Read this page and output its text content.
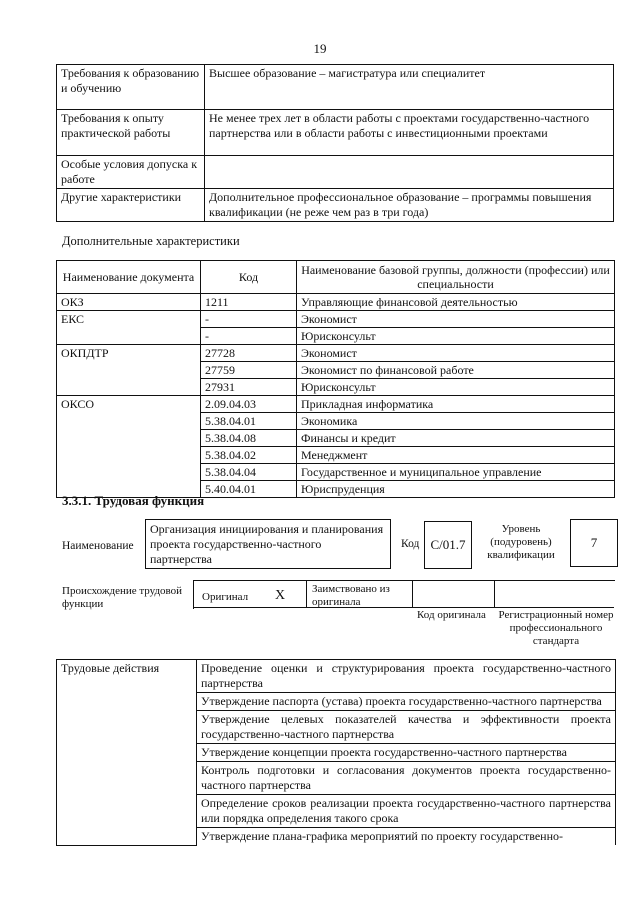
19
Требования к образованию и обучению	Высшее образование – магистратура или специалитет
Требования к опыту практической работы	Не менее трех лет в области работы с проектами государственно-частного партнерства или в области работы с инвестиционными проектами
Особые условия допуска к работе	
Другие характеристики	Дополнительное профессиональное образование – программы повышения квалификации (не реже чем раз в три года)
Дополнительные характеристики
Наименование документа	Код	Наименование базовой группы, должности (профессии) или специальности
ОКЗ	1211	Управляющие финансовой деятельностью
ЕКС	-	Экономист
	-	Юрисконсульт
ОКПДТР	27728	Экономист
	27759	Экономист по финансовой работе
	27931	Юрисконсульт
ОКСО	2.09.04.03	Прикладная информатика
	5.38.04.01	Экономика
	5.38.04.08	Финансы и кредит
	5.38.04.02	Менеджмент
	5.38.04.04	Государственное и муниципальное управление
	5.40.04.01	Юриспруденция
3.3.1. Трудовая функция
Наименование
Организация инициирования и планирования проекта государственно-частного партнерства
Код C/01.7
Уровень (подуровень) квалификации
7
Происхождение трудовой функции
Оригинал X Заимствовано из оригинала
Код оригинала Регистрационный номер профессионального стандарта
Трудовые действия	Проведение оценки и структурирования проекта государственно-частного партнерства
Утверждение паспорта (устава) проекта государственно-частного партнерства
Утверждение целевых показателей качества и эффективности проекта государственно-частного партнерства
Утверждение концепции проекта государственно-частного партнерства
Контроль подготовки и согласования документов проекта государственно-частного партнерства
Определение сроков реализации проекта государственно-частного партнерства или порядка определения такого срока
Утверждение плана-графика мероприятий по проекту государственно-
